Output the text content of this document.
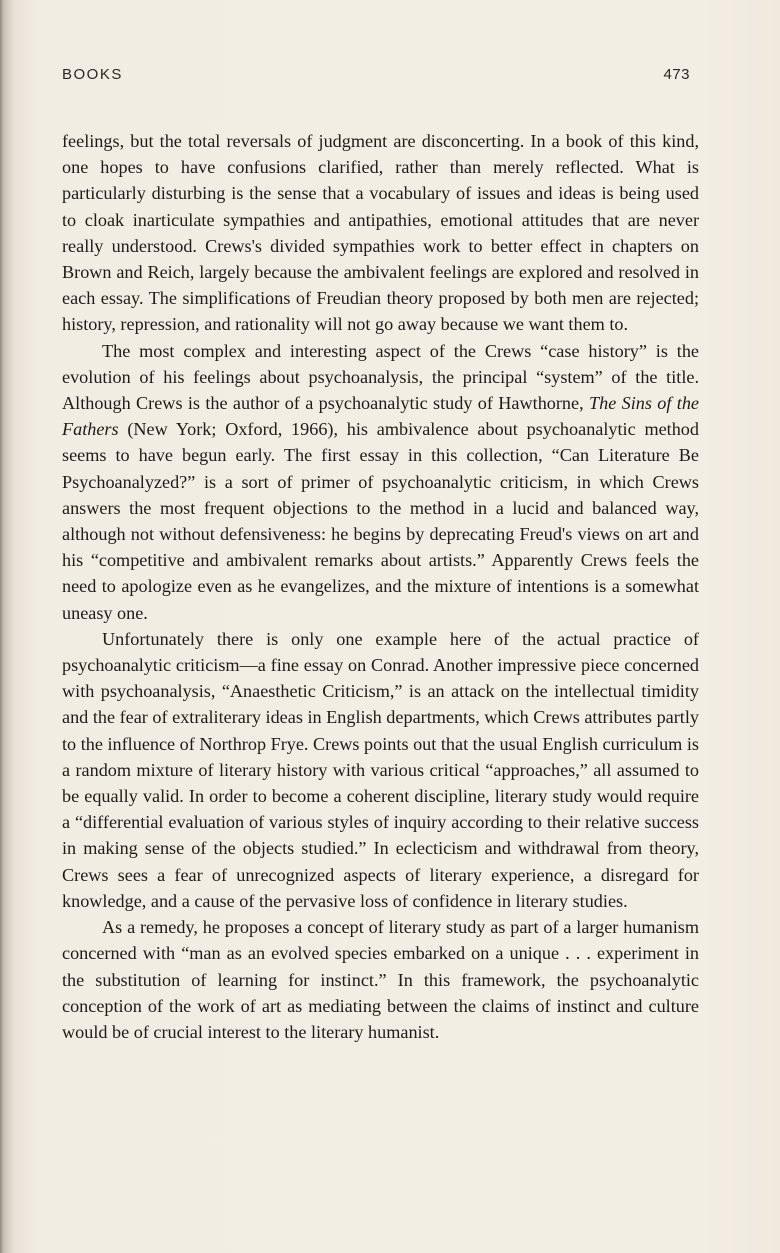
BOOKS	473

feelings, but the total reversals of judgment are disconcerting. In a book of this kind, one hopes to have confusions clarified, rather than merely reflected. What is particularly disturbing is the sense that a vocabulary of issues and ideas is being used to cloak inarticulate sympathies and antipathies, emotional attitudes that are never really understood. Crews's divided sympathies work to better effect in chapters on Brown and Reich, largely because the ambivalent feelings are explored and resolved in each essay. The simplifications of Freudian theory proposed by both men are rejected; history, repression, and rationality will not go away because we want them to.

The most complex and interesting aspect of the Crews “case history” is the evolution of his feelings about psychoanalysis, the principal “system” of the title. Although Crews is the author of a psychoanalytic study of Hawthorne, The Sins of the Fathers (New York; Oxford, 1966), his ambivalence about psychoanalytic method seems to have begun early. The first essay in this collection, “Can Literature Be Psychoanalyzed?” is a sort of primer of psychoanalytic criticism, in which Crews answers the most frequent objections to the method in a lucid and balanced way, although not without defensiveness: he begins by deprecating Freud's views on art and his “competitive and ambivalent remarks about artists.” Apparently Crews feels the need to apologize even as he evangelizes, and the mixture of intentions is a somewhat uneasy one.

Unfortunately there is only one example here of the actual practice of psychoanalytic criticism—a fine essay on Conrad. Another impressive piece concerned with psychoanalysis, “Anaesthetic Criticism,” is an attack on the intellectual timidity and the fear of extraliterary ideas in English departments, which Crews attributes partly to the influence of Northrop Frye. Crews points out that the usual English curriculum is a random mixture of literary history with various critical “approaches,” all assumed to be equally valid. In order to become a coherent discipline, literary study would require a “differential evaluation of various styles of inquiry according to their relative success in making sense of the objects studied.” In eclecticism and withdrawal from theory, Crews sees a fear of unrecognized aspects of literary experience, a disregard for knowledge, and a cause of the pervasive loss of confidence in literary studies.

As a remedy, he proposes a concept of literary study as part of a larger humanism concerned with “man as an evolved species embarked on a unique . . . experiment in the substitution of learning for instinct.” In this framework, the psychoanalytic conception of the work of art as mediating between the claims of instinct and culture would be of crucial interest to the literary humanist.
